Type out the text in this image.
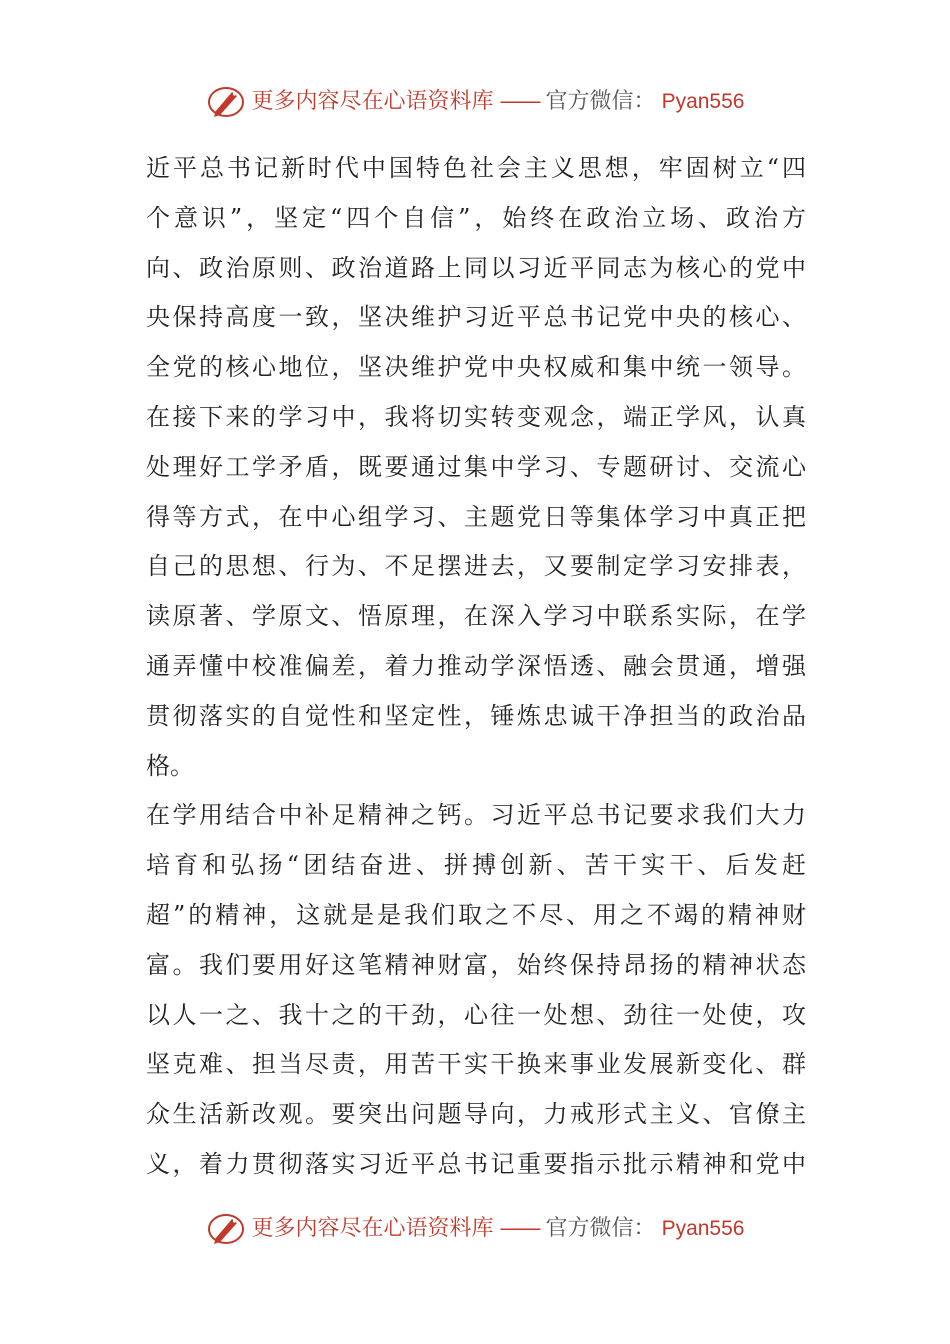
更多内容尽在心语资料库 —— 官方微信： Pyan556
近平总书记新时代中国特色社会主义思想，牢固树立“四
个意识”，坚定“四个自信”，始终在政治立场、政治方
向、政治原则、政治道路上同以习近平同志为核心的党中
央保持高度一致，坚决维护习近平总书记党中央的核心、
全党的核心地位，坚决维护党中央权威和集中统一领导。
在接下来的学习中，我将切实转变观念，端正学风，认真
处理好工学矛盾，既要通过集中学习、专题研讨、交流心
得等方式，在中心组学习、主题党日等集体学习中真正把
自己的思想、行为、不足摆进去，又要制定学习安排表，
读原著、学原文、悟原理，在深入学习中联系实际，在学
通弄懂中校准偏差，着力推动学深悟透、融会贯通，增强
贯彻落实的自觉性和坚定性，锤炼忠诚干净担当的政治品
格。
在学用结合中补足精神之钙。习近平总书记要求我们大力
培育和弘扬“团结奋进、拼搏创新、苦干实干、后发赶
超”的精神，这就是是我们取之不尽、用之不竭的精神财
富。我们要用好这笔精神财富，始终保持昂扬的精神状态
以人一之、我十之的干劲，心往一处想、劲往一处使，攻
坚克难、担当尽责，用苦干实干换来事业发展新变化、群
众生活新改观。要突出问题导向，力戒形式主义、官僚主
义，着力贯彻落实习近平总书记重要指示批示精神和党中
更多内容尽在心语资料库 —— 官方微信： Pyan556
